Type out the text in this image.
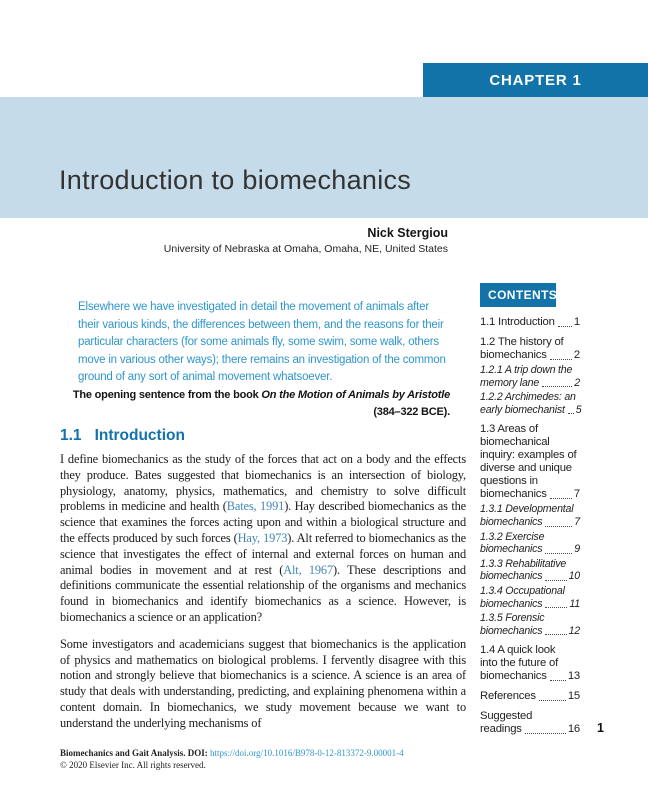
CHAPTER 1
Introduction to biomechanics
Nick Stergiou
University of Nebraska at Omaha, Omaha, NE, United States
Elsewhere we have investigated in detail the movement of animals after
their various kinds, the differences between them, and the reasons for their
particular characters (for some animals fly, some swim, some walk, others
move in various other ways); there remains an investigation of the common
ground of any sort of animal movement whatsoever.
The opening sentence from the book On the Motion of Animals by Aristotle
(384–322 BCE).
1.1 Introduction

I define biomechanics as the study of the forces that act on a body and the effects they produce. Bates suggested that biomechanics is an intersection of biology, physiology, anatomy, physics, mathematics, and chemistry to solve difficult problems in medicine and health (Bates, 1991). Hay described biomechanics as the science that examines the forces acting upon and within a biological structure and the effects produced by such forces (Hay, 1973). Alt referred to biomechanics as the science that investigates the effect of internal and external forces on human and animal bodies in movement and at rest (Alt, 1967). These descriptions and definitions communicate the essential relationship of the organisms and mechanics found in biomechanics and identify biomechanics as a science. However, is biomechanics a science or an application?

Some investigators and academicians suggest that biomechanics is the application of physics and mathematics on biological problems. I fervently disagree with this notion and strongly believe that biomechanics is a science. A science is an area of study that deals with understanding, predicting, and explaining phenomena within a content domain. In biomechanics, we study movement because we want to understand the underlying mechanisms of

CONTENTS
1.1 Introduction 1
1.2 The history of
biomechanics 2
1.2.1 A trip down the
memory lane	2
1.2.2 Archimedes: an
early biomechanist 5
1.3 Areas of
biomechanical
inquiry: examples of
diverse and unique
questions in
biomechanics 7
1.3.1 Developmental
biomechanics	7
1.3.2 Exercise
biomechanics	9
1.3.3 Rehabilitative
biomechanics 10
1.3.4 Occupational
biomechanics	11
1.3.5 Forensic
biomechanics 12
1.4 A quick look
into the future of
biomechanics 13
References	15
Suggested
readings	16
Biomechanics and Gait Analysis. DOI: https://doi.org/10.1016/B978-0-12-813372-9.00001-4
© 2020 Elsevier Inc. All rights reserved.
1
